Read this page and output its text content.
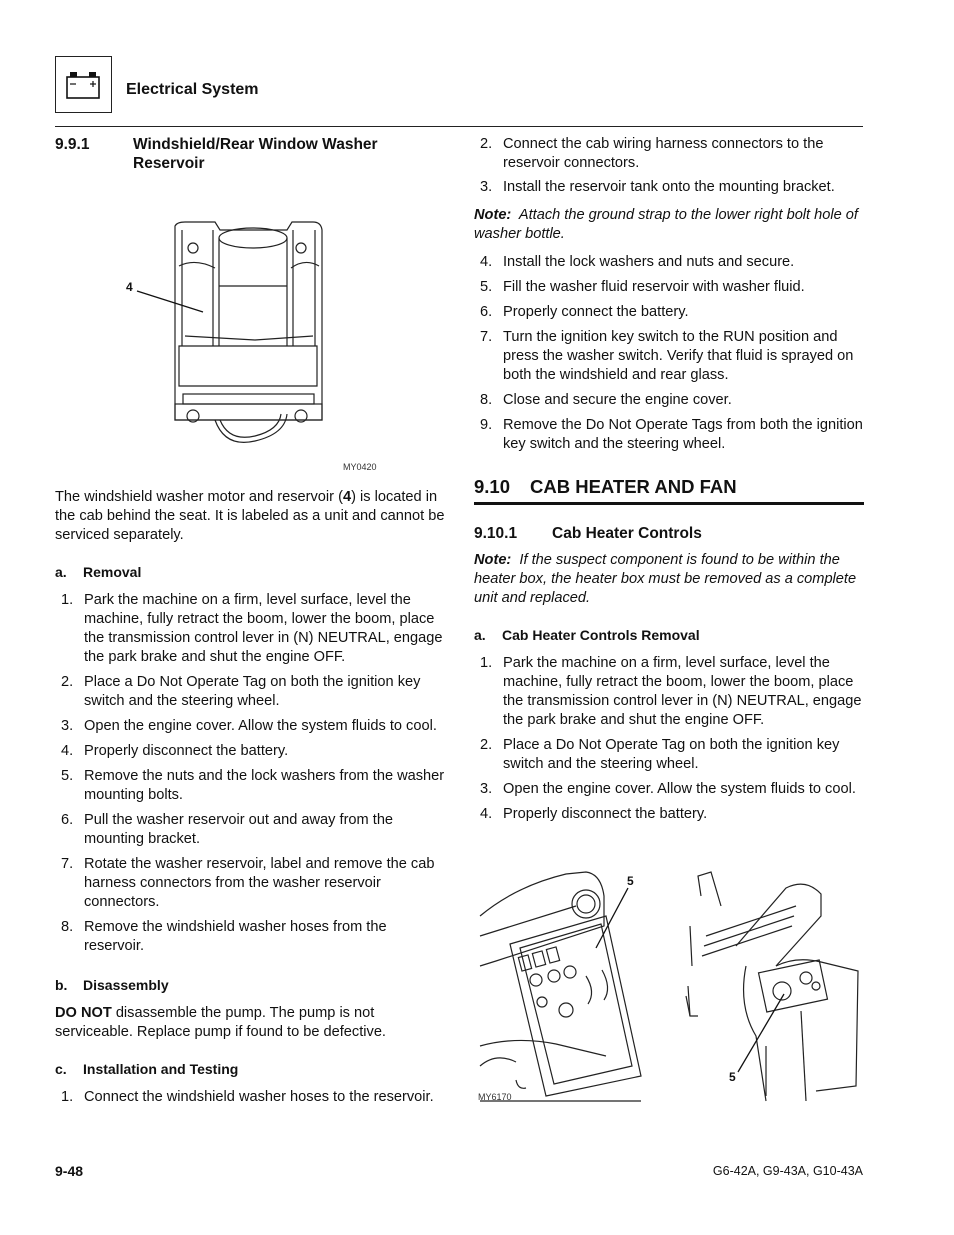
Electrical System
9.9.1	Windshield/Rear Window Washer Reservoir
4
MY0420

The windshield washer motor and reservoir (4) is located in the cab behind the seat. It is labeled as a unit and cannot be serviced separately.

a. Removal
1. Park the machine on a firm, level surface, level the machine, fully retract the boom, lower the boom, place the transmission control lever in (N) NEUTRAL, engage the park brake and shut the engine OFF.
2. Place a Do Not Operate Tag on both the ignition key switch and the steering wheel.
3. Open the engine cover. Allow the system fluids to cool.
4. Properly disconnect the battery.
5. Remove the nuts and the lock washers from the washer mounting bolts.
6. Pull the washer reservoir out and away from the mounting bracket.
7. Rotate the washer reservoir, label and remove the cab harness connectors from the washer reservoir connectors.
8. Remove the windshield washer hoses from the reservoir.
b. Disassembly

DO NOT disassemble the pump. The pump is not serviceable. Replace pump if found to be defective.

c. Installation and Testing
1. Connect the windshield washer hoses to the reservoir.
2. Connect the cab wiring harness connectors to the reservoir connectors.
3. Install the reservoir tank onto the mounting bracket.

Note: Attach the ground strap to the lower right bolt hole of washer bottle.

4. Install the lock washers and nuts and secure.
5. Fill the washer fluid reservoir with washer fluid.
6. Properly connect the battery.
7. Turn the ignition key switch to the RUN position and press the washer switch. Verify that fluid is sprayed on both the windshield and rear glass.
8. Close and secure the engine cover.
9. Remove the Do Not Operate Tags from both the ignition key switch and the steering wheel.
9.10	CAB HEATER AND FAN
9.10.1	Cab Heater Controls

Note: If the suspect component is found to be within the heater box, the heater box must be removed as a complete unit and replaced.

a. Cab Heater Controls Removal
1. Park the machine on a firm, level surface, level the machine, fully retract the boom, lower the boom, place the transmission control lever in (N) NEUTRAL, engage the park brake and shut the engine OFF.
2. Place a Do Not Operate Tag on both the ignition key switch and the steering wheel.
3. Open the engine cover. Allow the system fluids to cool.
4. Properly disconnect the battery.
5
5
MY6170
9-48	G6-42A, G9-43A, G10-43A
